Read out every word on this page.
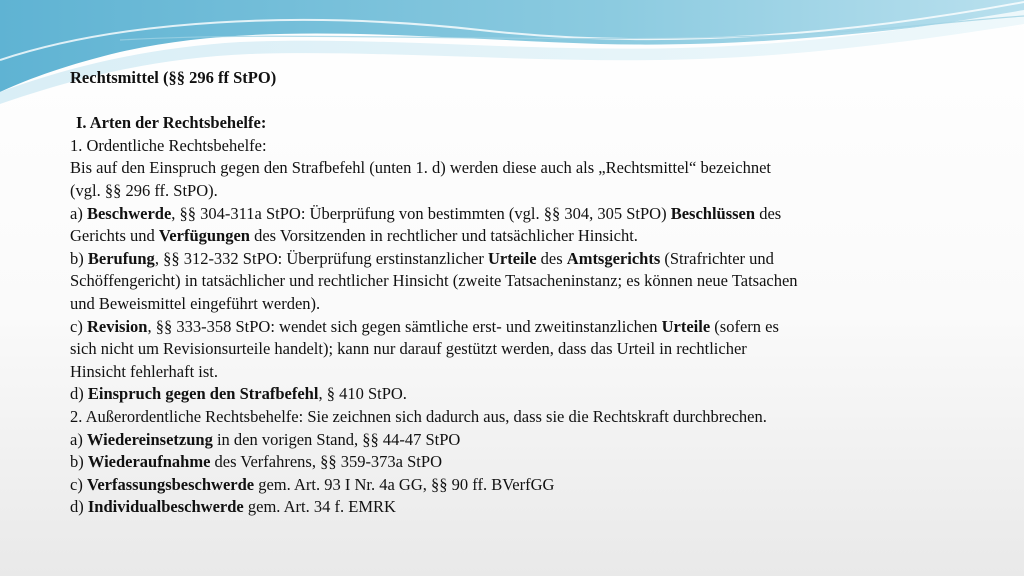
Rechtsmittel (§§ 296 ff StPO)

I. Arten der Rechtsbehelfe:

1. Ordentliche Rechtsbehelfe:

Bis auf den Einspruch gegen den Strafbefehl (unten 1. d) werden diese auch als „Rechtsmittel“ bezeichnet

(vgl. §§ 296 ff. StPO).

a) Beschwerde, §§ 304-311a StPO: Überprüfung von bestimmten (vgl. §§ 304, 305 StPO) Beschlüssen des

Gerichts und Verfügungen des Vorsitzenden in rechtlicher und tatsächlicher Hinsicht.

b) Berufung, §§ 312-332 StPO: Überprüfung erstinstanzlicher Urteile des Amtsgerichts (Strafrichter und

Schöffengericht) in tatsächlicher und rechtlicher Hinsicht (zweite Tatsacheninstanz; es können neue Tatsachen

und Beweismittel eingeführt werden).

c) Revision, §§ 333-358 StPO: wendet sich gegen sämtliche erst- und zweitinstanzlichen Urteile (sofern es

sich nicht um Revisionsurteile handelt); kann nur darauf gestützt werden, dass das Urteil in rechtlicher

Hinsicht fehlerhaft ist.

d) Einspruch gegen den Strafbefehl, § 410 StPO.

2. Außerordentliche Rechtsbehelfe: Sie zeichnen sich dadurch aus, dass sie die Rechtskraft durchbrechen.

a) Wiedereinsetzung in den vorigen Stand, §§ 44-47 StPO

b) Wiederaufnahme des Verfahrens, §§ 359-373a StPO

c) Verfassungsbeschwerde gem. Art. 93 I Nr. 4a GG, §§ 90 ff. BVerfGG

d) Individualbeschwerde gem. Art. 34 f. EMRK
